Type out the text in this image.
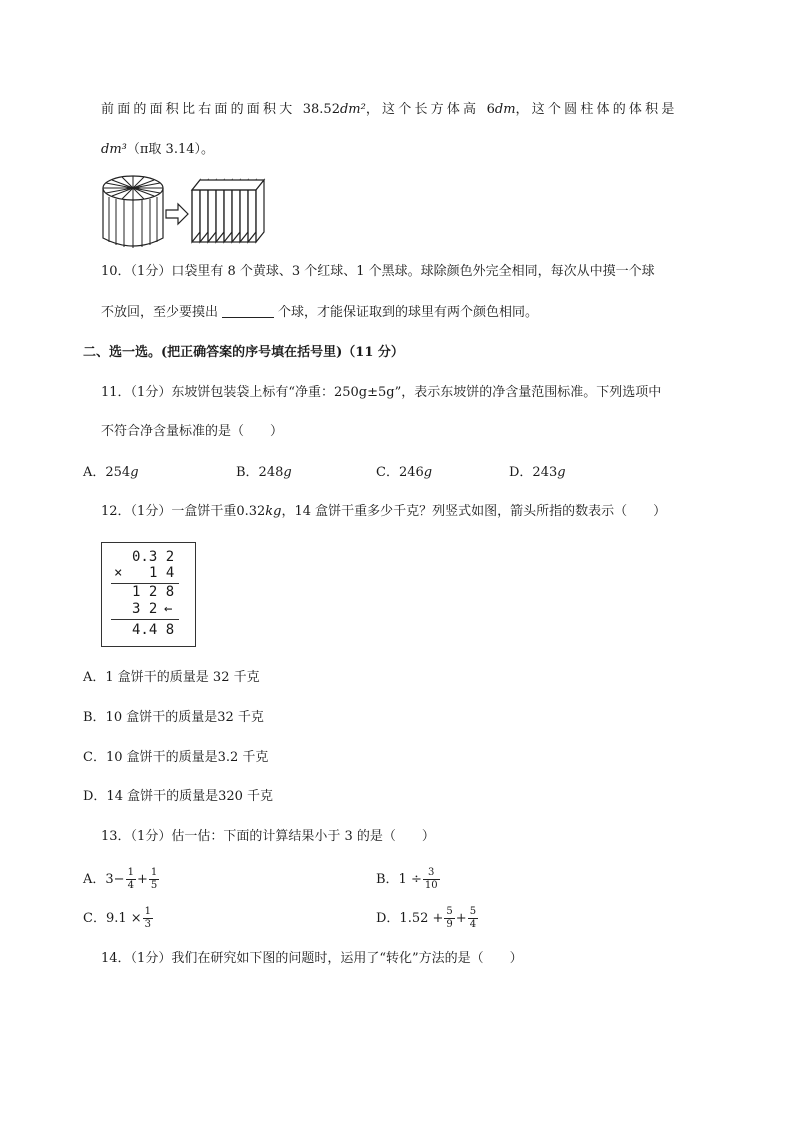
前面的面积比右面的面积大 38.52dm²，这个长方体高 6dm，这个圆柱体的体积是
dm³（π取 3.14）。
10．（1分）口袋里有 8 个黄球、3 个红球、1 个黑球。球除颜色外完全相同，每次从中摸一个球
不放回，至少要摸出	个球，才能保证取到的球里有两个颜色相同。
二、选一选。(把正确答案的序号填在括号里)（11 分）
11．（1分）东坡饼包装袋上标有“净重：250g±5g”，表示东坡饼的净含量范围标准。下列选项中
不符合净含量标准的是（　　）
A．254g	B．248g	C．246g	D．243g
12．（1分）一盒饼干重0.32kg，14 盒饼干重多少千克？列竖式如图，箭头所指的数表示（　　）
0.3 2
× 1 4
1 2 8
3 2 ←
4.4 8
A．1 盒饼干的质量是 32 千克
B．10 盒饼干的质量是32 千克
C．10 盒饼干的质量是3.2 千克
D．14 盒饼干的质量是320 千克
13．（1分）估一估：下面的计算结果小于 3 的是（　　）
A．$3- \frac{1}{4} + \frac{1}{5}$	B．$1 \div \frac{3}{10}$
C．$9.1 \times \frac{1}{3}$	D．$1.52 + \frac{5}{9} + \frac{5}{4}$
14．（1分）我们在研究如下图的问题时，运用了“转化”方法的是（　　）
